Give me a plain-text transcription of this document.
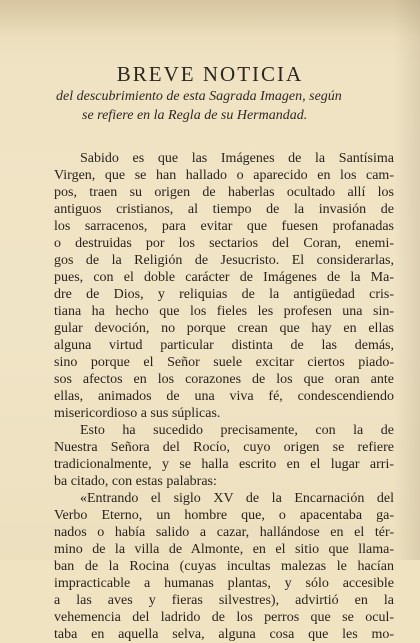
BREVE NOTICIA
del descubrimiento de esta Sagrada Imagen, según
se refiere en la Regla de su Hermandad.
Sabido es que las Imágenes de la Santísima
Virgen, que se han hallado o aparecido en los cam-
pos, traen su origen de haberlas ocultado allí los
antiguos cristianos, al tiempo de la invasión de
los sarracenos, para evitar que fuesen profanadas
o destruidas por los sectarios del Coran, enemi-
gos de la Religión de Jesucristo. El considerarlas,
pues, con el doble carácter de Imágenes de la Ma-
dre de Dios, y reliquias de la antigüedad cris-
tiana ha hecho que los fieles les profesen una sin-
gular devoción, no porque crean que hay en ellas
alguna virtud particular distinta de las demás,
sino porque el Señor suele excitar ciertos piado-
sos afectos en los corazones de los que oran ante
ellas, animados de una viva fé, condescendiendo
misericordioso a sus súplicas.
Esto ha sucedido precisamente, con la de
Nuestra Señora del Rocío, cuyo origen se refiere
tradicionalmente, y se halla escrito en el lugar arri-
ba citado, con estas palabras:
«Entrando el siglo XV de la Encarnación del
Verbo Eterno, un hombre que, o apacentaba ga-
nados o había salido a cazar, hallándose en el tér-
mino de la villa de Almonte, en el sitio que llama-
ban de la Rocina (cuyas incultas malezas le hacían
impracticable a humanas plantas, y sólo accesible
a las aves y fieras silvestres), advirtió en la
vehemencia del ladrido de los perros que se ocul-
taba en aquella selva, alguna cosa que les mo-
